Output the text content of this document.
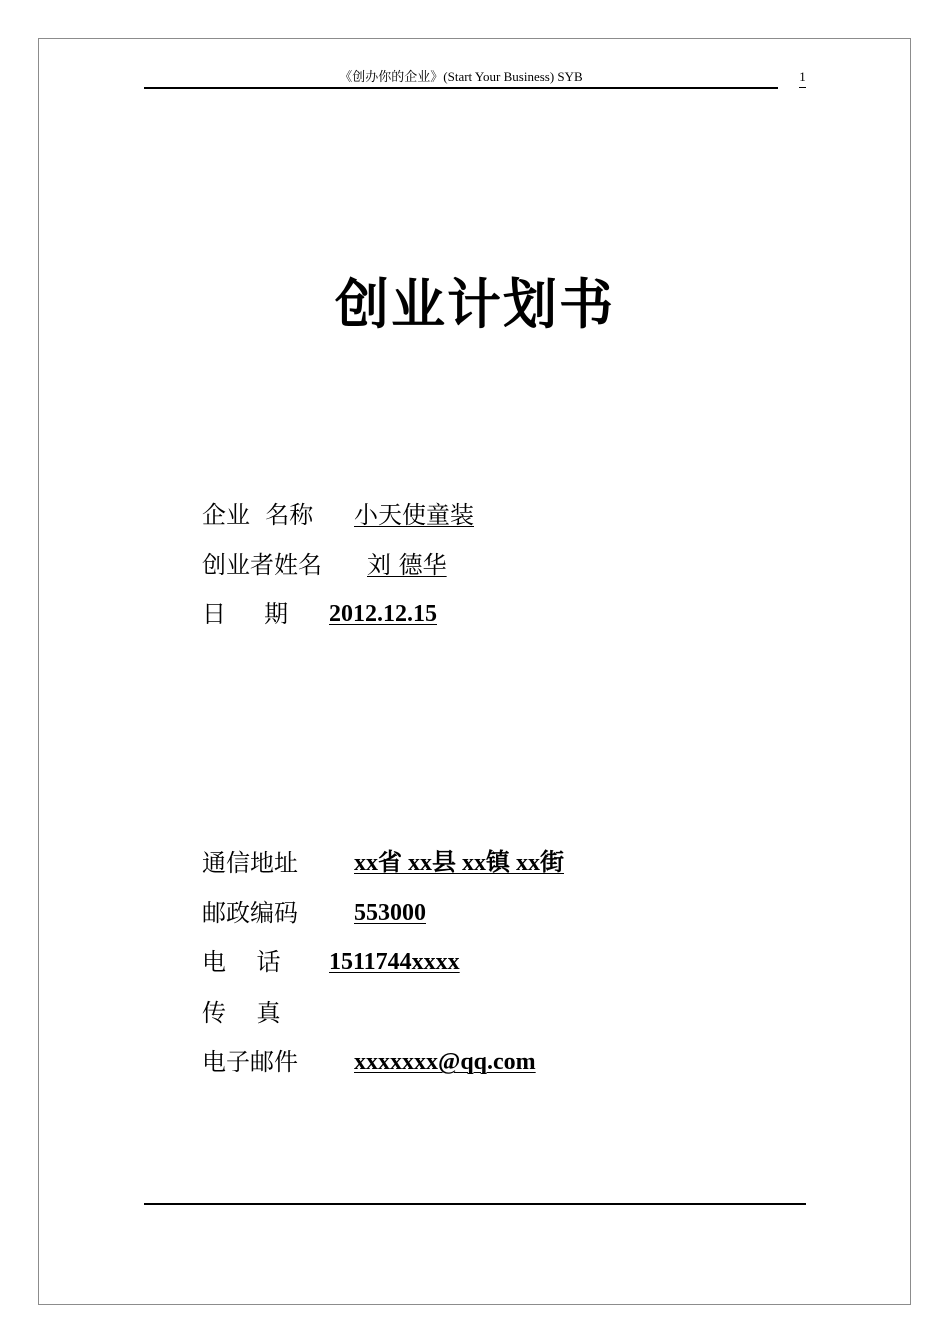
《创办你的企业》(Start Your Business) SYB	1
创业计划书
企业  名称 小天使童装
创业者姓名 刘 德华
日     期 2012.12.15
通信地址 xx省 xx县 xx镇 xx街
邮政编码 553000
电    话 1511744xxxx
传    真
电子邮件 xxxxxxx@qq.com
